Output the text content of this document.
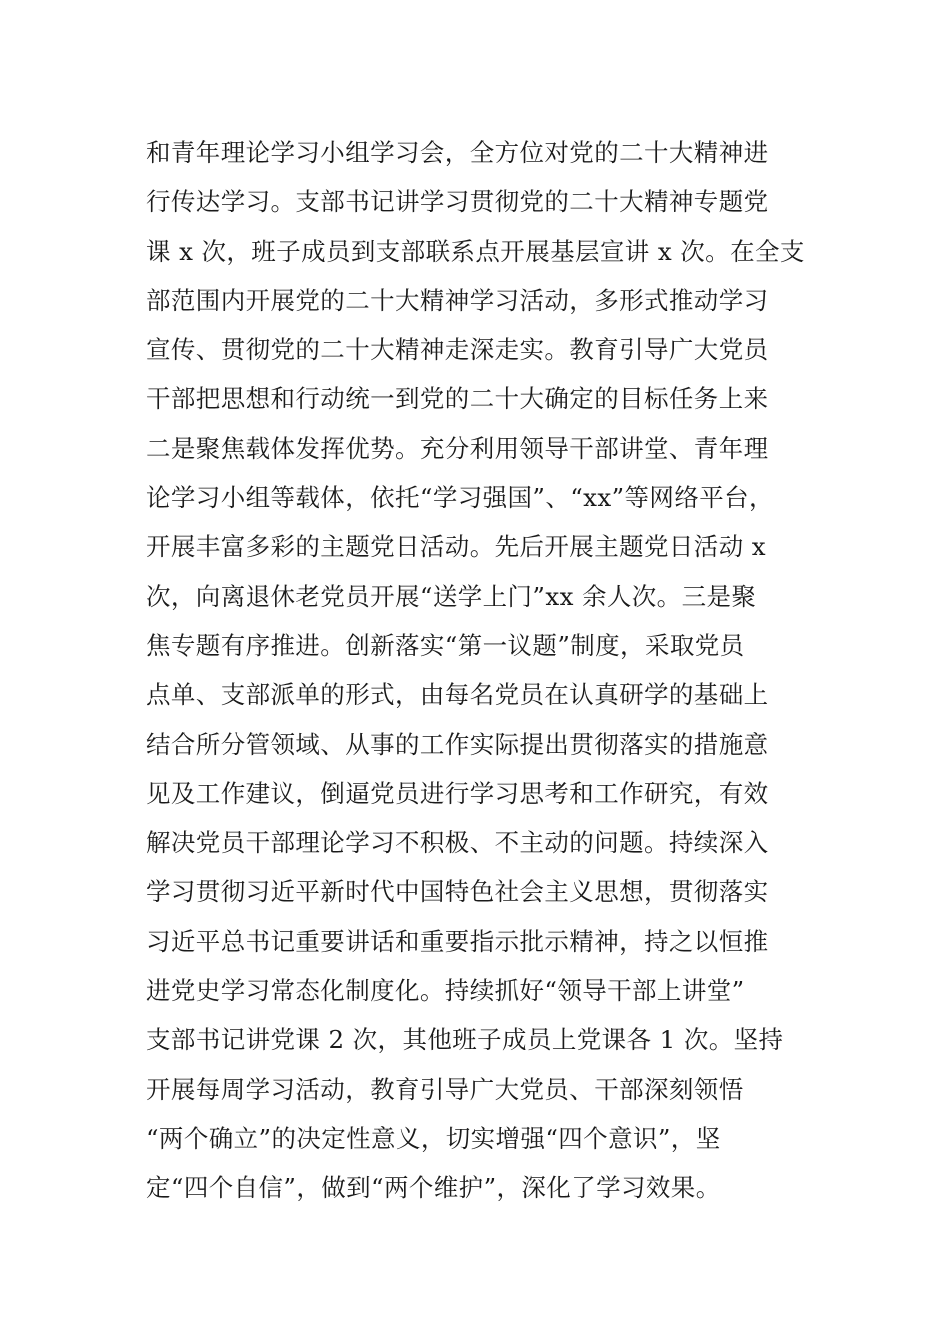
和青年理论学习小组学习会，全方位对党的二十大精神进
行传达学习。支部书记讲学习贯彻党的二十大精神专题党
课 x 次，班子成员到支部联系点开展基层宣讲 x 次。在全支
部范围内开展党的二十大精神学习活动，多形式推动学习
宣传、贯彻党的二十大精神走深走实。教育引导广大党员
干部把思想和行动统一到党的二十大确定的目标任务上来
二是聚焦载体发挥优势。充分利用领导干部讲堂、青年理
论学习小组等载体，依托“学习强国”、“xx”等网络平台，
开展丰富多彩的主题党日活动。先后开展主题党日活动 x
次，向离退休老党员开展“送学上门”xx 余人次。三是聚
焦专题有序推进。创新落实“第一议题”制度，采取党员
点单、支部派单的形式，由每名党员在认真研学的基础上
结合所分管领域、从事的工作实际提出贯彻落实的措施意
见及工作建议，倒逼党员进行学习思考和工作研究，有效
解决党员干部理论学习不积极、不主动的问题。持续深入
学习贯彻习近平新时代中国特色社会主义思想，贯彻落实
习近平总书记重要讲话和重要指示批示精神，持之以恒推
进党史学习常态化制度化。持续抓好“领导干部上讲堂”
支部书记讲党课 2 次，其他班子成员上党课各 1 次。坚持
开展每周学习活动，教育引导广大党员、干部深刻领悟
“两个确立”的决定性意义，切实增强“四个意识”，坚
定“四个自信”，做到“两个维护”，深化了学习效果。
